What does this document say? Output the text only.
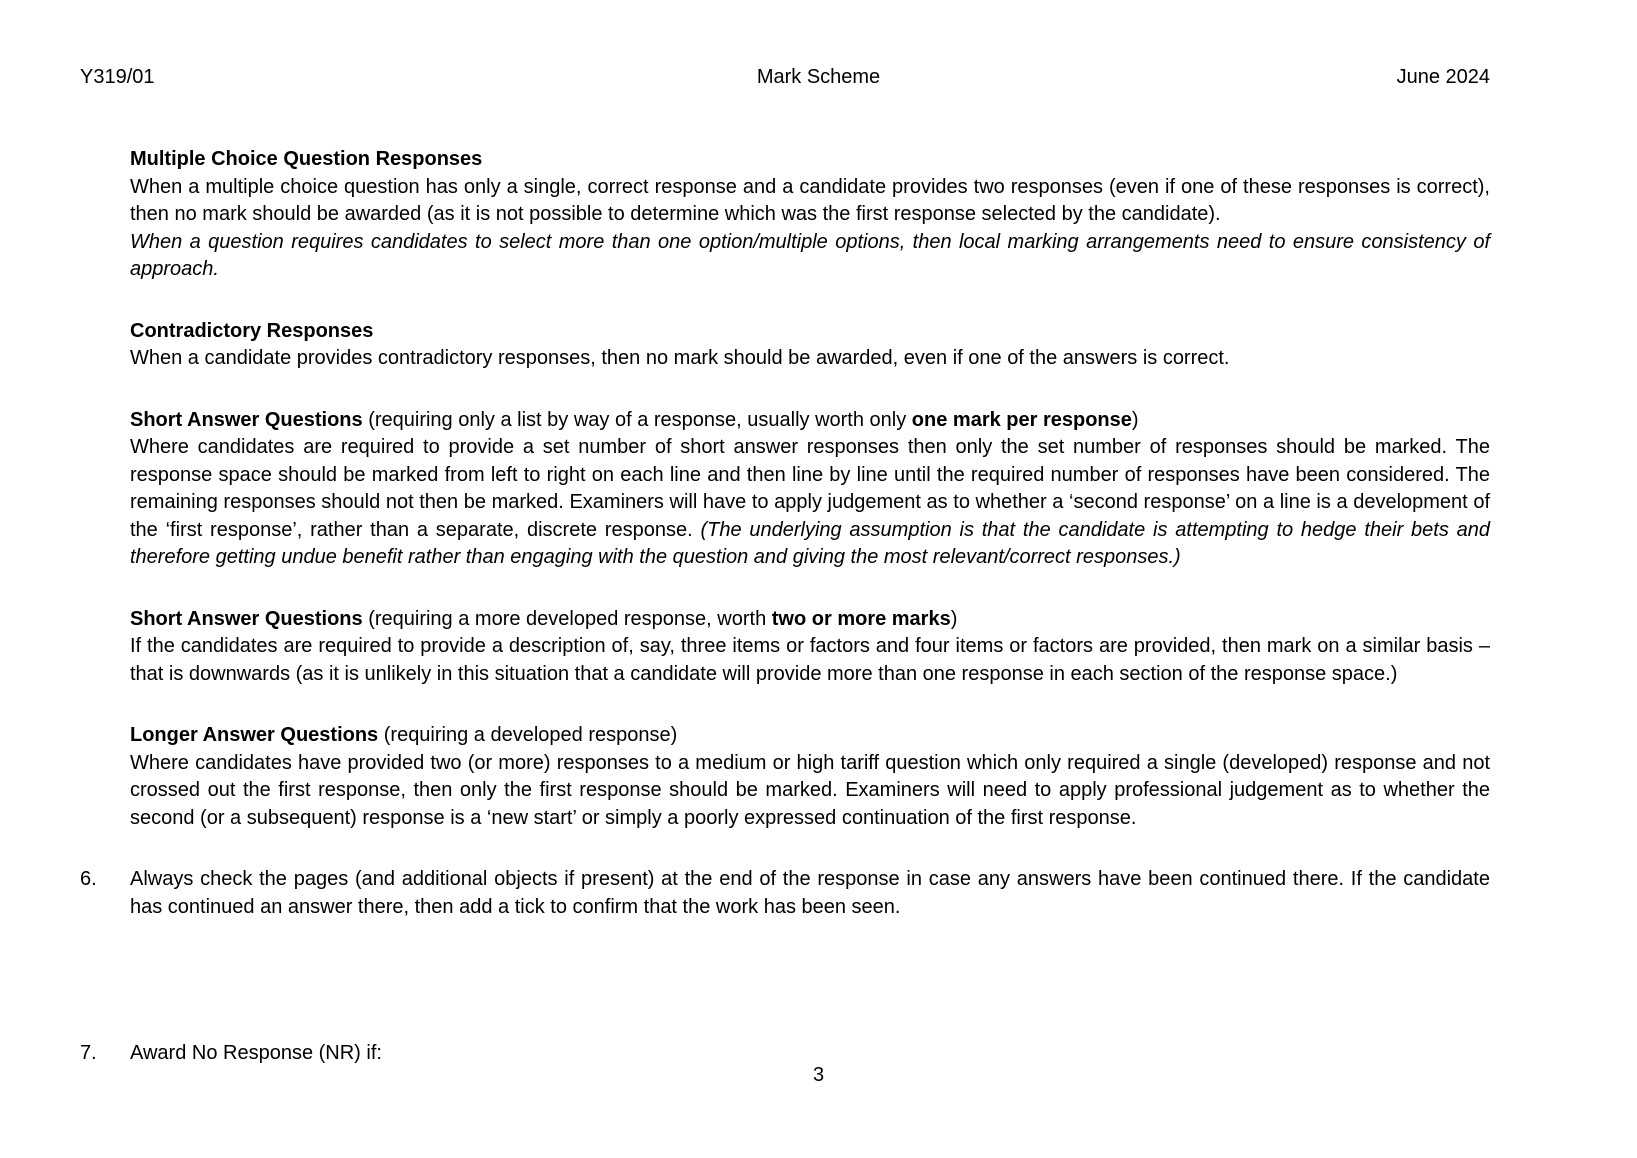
Y319/01	Mark Scheme	June 2024

Multiple Choice Question Responses

When a multiple choice question has only a single, correct response and a candidate provides two responses (even if one of these responses is correct), then no mark should be awarded (as it is not possible to determine which was the first response selected by the candidate).

When a question requires candidates to select more than one option/multiple options, then local marking arrangements need to ensure consistency of approach.

Contradictory Responses

When a candidate provides contradictory responses, then no mark should be awarded, even if one of the answers is correct.

Short Answer Questions (requiring only a list by way of a response, usually worth only one mark per response)

Where candidates are required to provide a set number of short answer responses then only the set number of responses should be marked. The response space should be marked from left to right on each line and then line by line until the required number of responses have been considered. The remaining responses should not then be marked. Examiners will have to apply judgement as to whether a ‘second response’ on a line is a development of the ‘first response’, rather than a separate, discrete response. (The underlying assumption is that the candidate is attempting to hedge their bets and therefore getting undue benefit rather than engaging with the question and giving the most relevant/correct responses.)

Short Answer Questions (requiring a more developed response, worth two or more marks)

If the candidates are required to provide a description of, say, three items or factors and four items or factors are provided, then mark on a similar basis – that is downwards (as it is unlikely in this situation that a candidate will provide more than one response in each section of the response space.)

Longer Answer Questions (requiring a developed response)

Where candidates have provided two (or more) responses to a medium or high tariff question which only required a single (developed) response and not crossed out the first response, then only the first response should be marked. Examiners will need to apply professional judgement as to whether the second (or a subsequent) response is a ‘new start’ or simply a poorly expressed continuation of the first response.

6.	Always check the pages (and additional objects if present) at the end of the response in case any answers have been continued there. If the candidate has continued an answer there, then add a tick to confirm that the work has been seen.
7.	Award No Response (NR) if:
3
